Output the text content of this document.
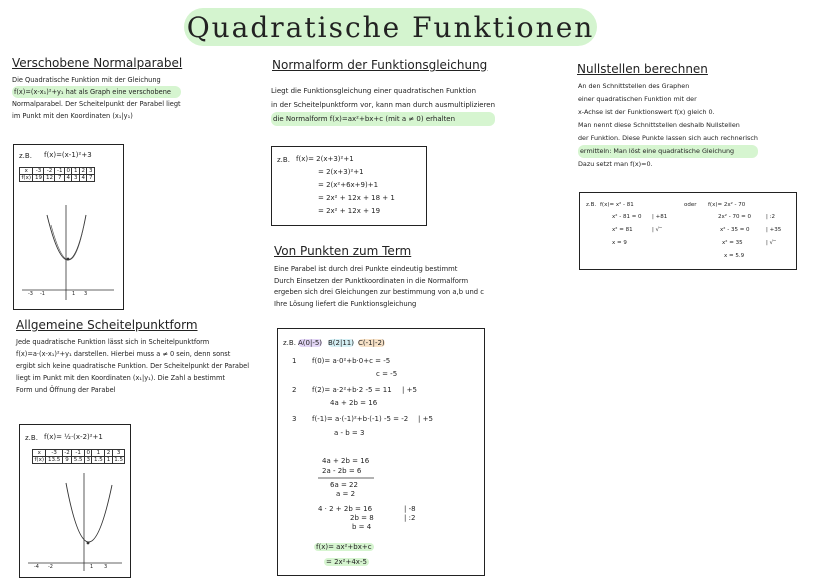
Quadratische Funktionen
Verschobene Normalparabel
Die Quadratische Funktion mit der Gleichung
f(x)=(x-x₁)²+y₁ hat als Graph eine verschobene
Normalparabel. Der Scheitelpunkt der Parabel liegt
im Punkt mit den Koordinaten (x₁|y₁)
z.B. f(x)=(x-1)²+3
x	-3	-2	-1	0	1	2	3
f(x)	19	12	7	4	3	4	7
-3 -1	1 3
Allgemeine Scheitelpunktform
Jede quadratische Funktion lässt sich in Scheitelpunktform
f(x)=a·(x-x₁)²+y₁ darstellen. Hierbei muss a ≠ 0 sein, denn sonst
ergibt sich keine quadratische Funktion. Der Scheitelpunkt der Parabel
liegt im Punkt mit den Koordinaten (x₁|y₁). Die Zahl a bestimmt
Form und Öffnung der Parabel
z.B. f(x)= ½·(x-2)²+1
x	-3	-2	-1	0	1	2	3
f(x)	13.5	9	5.5	3	1.5	1	1.5
-4 -2	1 3
Normalform der Funktionsgleichung
Liegt die Funktionsgleichung einer quadratischen Funktion
in der Scheitelpunktform vor, kann man durch ausmultiplizieren
die Normalform f(x)=ax²+bx+c (mit a ≠ 0) erhalten
z.B. f(x)= 2(x+3)²+1
= 2(x+3)²+1
= 2(x²+6x+9)+1
= 2x² + 12x + 18 + 1
= 2x² + 12x + 19
Von Punkten zum Term
Eine Parabel ist durch drei Punkte eindeutig bestimmt
Durch Einsetzen der Punktkoordinaten in die Normalform
ergeben sich drei Gleichungen zur bestimmung von a,b und c
Ihre Lösung liefert die Funktionsgleichung
z.B. A(0|-5) B(2|11) C(-1|-2)
1 f(0)= a·0²+b·0+c = -5
c = -5
2 f(2)= a·2²+b·2 -5 = 11 | +5
4a + 2b = 16
3 f(-1)= a·(-1)²+b·(-1) -5 = -2 | +5
a - b = 3
4a + 2b = 16
2a - 2b = 6
6a = 22
a = 2
4 · 2 + 2b = 16	| -8
2b = 8	| :2
b = 4
f(x)= ax²+bx+c
= 2x²+4x-5
Nullstellen berechnen
An den Schnittstellen des Graphen
einer quadratischen Funktion mit der
x-Achse ist der Funktionswert f(x) gleich 0.
Man nennt diese Schnittstellen deshalb Nullstellen
der Funktion. Diese Punkte lassen sich auch rechnerisch
ermitteln: Man löst eine quadratische Gleichung
Dazu setzt man f(x)=0.
z.B. f(x)= x² - 81
x² - 81 = 0 | +81
x² = 81	| √‾
x = 9
oder f(x)= 2x² - 70
2x² - 70 = 0	| :2
x² - 35 = 0	| +35
x² = 35	| √‾
x = 5.9
